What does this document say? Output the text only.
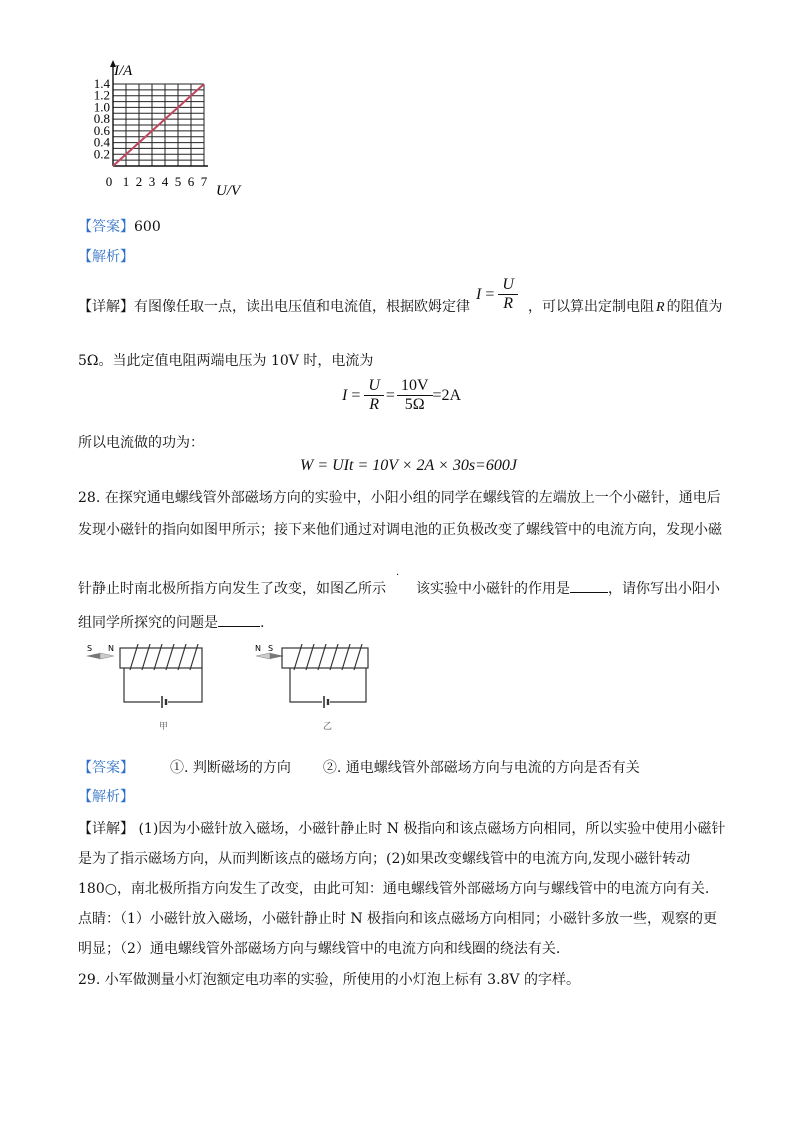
0.2
0.4
0.6
0.8
1.0
1.2
1.4
0 1 2 3 4 5 6 7
I/A
U/V
【答案】600
【解析】
【详解】有图像任取一点，读出电压值和电流值，根据欧姆定律
$I = \frac{U}{R}$ ，可以算出定制电阻 R 的阻值为
5Ω。当此定值电阻两端电压为 10V 时，电流为
$I = \frac{U}{R} = \frac{10V}{5\Omega} =2A$
所以电流做的功为：
W = UIt = 10V × 2A × 30s=600J
28. 在探究通电螺线管外部磁场方向的实验中，小阳小组的同学在螺线管的左端放上一个小磁针，通电后
发现小磁针的指向如图甲所示；接下来他们通过对调电池的正负极改变了螺线管中的电流方向，发现小磁
针静止时南北极所指方向发生了改变，如图乙所示 该实验中小磁针的作用是	，请你写出小阳小
·
组同学所探究的问题是	.
S N
甲
N S
乙
【答案】	①. 判断磁场的方向 ②. 通电螺线管外部磁场方向与电流的方向是否有关
【解析】
【详解】 (1)因为小磁针放入磁场，小磁针静止时 N 极指向和该点磁场方向相同，所以实验中使用小磁针
是为了指示磁场方向，从而判断该点的磁场方向；(2)如果改变螺线管中的电流方向,发现小磁针转动
180○，南北极所指方向发生了改变，由此可知：通电螺线管外部磁场方向与螺线管中的电流方向有关.
点睛：（1）小磁针放入磁场，小磁针静止时 N 极指向和该点磁场方向相同；小磁针多放一些，观察的更
明显；（2）通电螺线管外部磁场方向与螺线管中的电流方向和线圈的绕法有关.
29. 小军做测量小灯泡额定电功率的实验，所使用的小灯泡上标有 3.8V 的字样。
